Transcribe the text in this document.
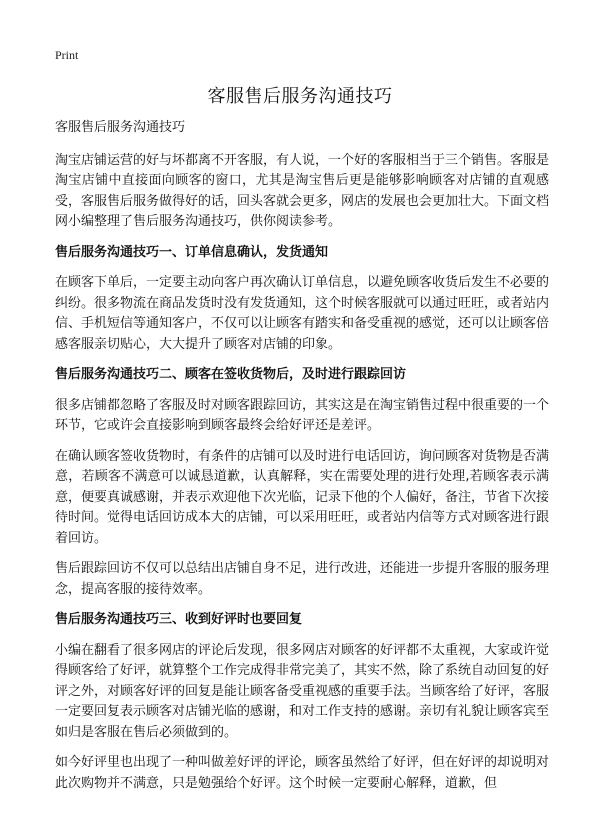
Print
客服售后服务沟通技巧

客服售后服务沟通技巧

淘宝店铺运营的好与坏都离不开客服，有人说，一个好的客服相当于三个销售。客服是淘宝店铺中直接面向顾客的窗口，尤其是淘宝售后更是能够影响顾客对店铺的直观感受，客服售后服务做得好的话，回头客就会更多，网店的发展也会更加壮大。下面文档网小编整理了售后服务沟通技巧，供你阅读参考。

售后服务沟通技巧一、订单信息确认，发货通知

在顾客下单后，一定要主动向客户再次确认订单信息，以避免顾客收货后发生不必要的纠纷。很多物流在商品发货时没有发货通知，这个时候客服就可以通过旺旺，或者站内信、手机短信等通知客户，不仅可以让顾客有踏实和备受重视的感觉，还可以让顾客倍感客服亲切贴心，大大提升了顾客对店铺的印象。

售后服务沟通技巧二、顾客在签收货物后，及时进行跟踪回访

很多店铺都忽略了客服及时对顾客跟踪回访，其实这是在淘宝销售过程中很重要的一个环节，它或许会直接影响到顾客最终会给好评还是差评。

在确认顾客签收货物时，有条件的店铺可以及时进行电话回访，询问顾客对货物是否满意，若顾客不满意可以诚恳道歉，认真解释，实在需要处理的进行处理,若顾客表示满意，便要真诚感谢，并表示欢迎他下次光临，记录下他的个人偏好，备注，节省下次接待时间。觉得电话回访成本大的店铺，可以采用旺旺，或者站内信等方式对顾客进行跟着回访。

售后跟踪回访不仅可以总结出店铺自身不足，进行改进，还能进一步提升客服的服务理念，提高客服的接待效率。

售后服务沟通技巧三、收到好评时也要回复

小编在翻看了很多网店的评论后发现，很多网店对顾客的好评都不太重视，大家或许觉得顾客给了好评，就算整个工作完成得非常完美了，其实不然，除了系统自动回复的好评之外，对顾客好评的回复是能让顾客备受重视感的重要手法。当顾客给了好评，客服一定要回复表示顾客对店铺光临的感谢，和对工作支持的感谢。亲切有礼貌让顾客宾至如归是客服在售后必须做到的。

如今好评里也出现了一种叫做差好评的评论，顾客虽然给了好评，但在好评的却说明对此次购物并不满意，只是勉强给个好评。这个时候一定要耐心解释，道歉，但
